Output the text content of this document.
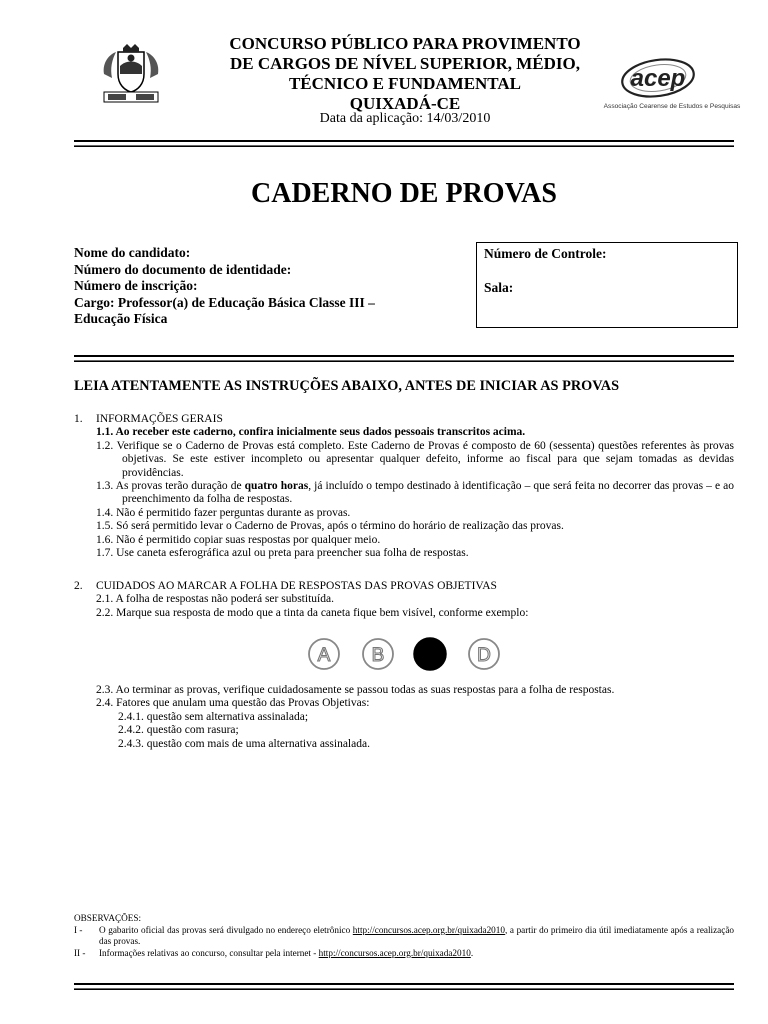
CONCURSO PÚBLICO PARA PROVIMENTO
DE CARGOS DE NÍVEL SUPERIOR, MÉDIO,
TÉCNICO E FUNDAMENTAL
QUIXADÁ-CE
Data da aplicação: 14/03/2010
acep
Associação Cearense de Estudos e Pesquisas
CADERNO DE PROVAS
Nome do candidato:
Número do documento de identidade:
Número de inscrição:
Cargo: Professor(a) de Educação Básica Classe III –
Educação Física
Número de Controle:
Sala:
LEIA ATENTAMENTE AS INSTRUÇÕES ABAIXO, ANTES DE INICIAR AS PROVAS
1.	INFORMAÇÕES GERAIS
1.1. Ao receber este caderno, confira inicialmente seus dados pessoais transcritos acima.
1.2. Verifique se o Caderno de Provas está completo. Este Caderno de Provas é composto de 60 (sessenta) questões referentes às provas objetivas. Se este estiver incompleto ou apresentar qualquer defeito, informe ao fiscal para que sejam tomadas as devidas providências.
1.3. As provas terão duração de quatro horas, já incluído o tempo destinado à identificação – que será feita no decorrer das provas – e ao preenchimento da folha de respostas.
1.4. Não é permitido fazer perguntas durante as provas.
1.5. Só será permitido levar o Caderno de Provas, após o término do horário de realização das provas.
1.6. Não é permitido copiar suas respostas por qualquer meio.
1.7. Use caneta esferográfica azul ou preta para preencher sua folha de respostas.
2.	CUIDADOS AO MARCAR A FOLHA DE RESPOSTAS DAS PROVAS OBJETIVAS
2.1. A folha de respostas não poderá ser substituída.
2.2. Marque sua resposta de modo que a tinta da caneta fique bem visível, conforme exemplo:
A B	D
2.3. Ao terminar as provas, verifique cuidadosamente se passou todas as suas respostas para a folha de respostas.
2.4. Fatores que anulam uma questão das Provas Objetivas:
2.4.1. questão sem alternativa assinalada;
2.4.2. questão com rasura;
2.4.3. questão com mais de uma alternativa assinalada.
OBSERVAÇÕES:
I - O gabarito oficial das provas será divulgado no endereço eletrônico http://concursos.acep.org.br/quixada2010, a partir do primeiro dia útil imediatamente após a realização das provas.
II - Informações relativas ao concurso, consultar pela internet - http://concursos.acep.org.br/quixada2010.
